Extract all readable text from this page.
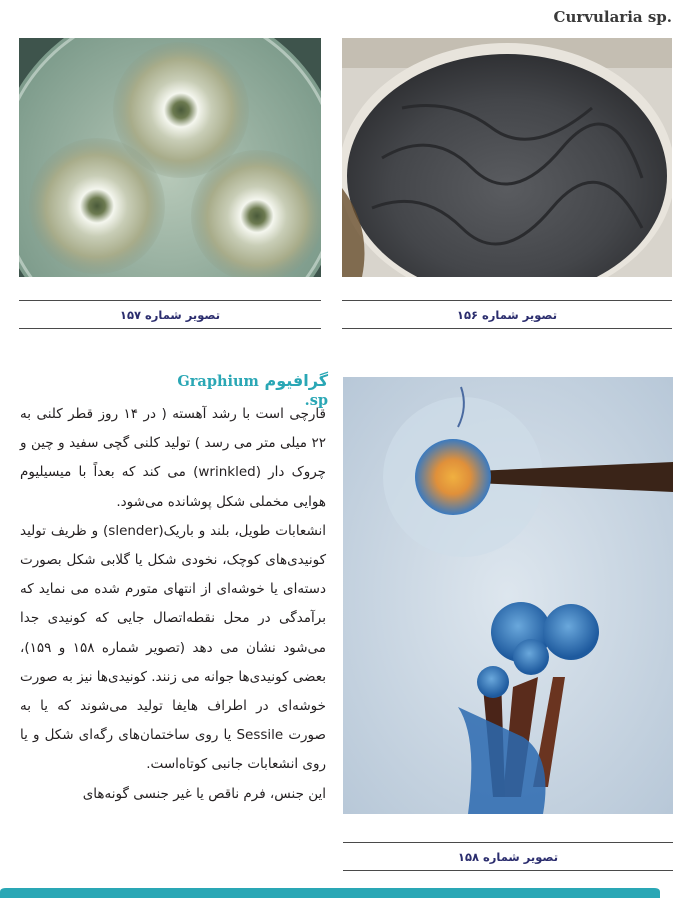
Curvularia sp.
تصویر شماره ۱۵۷	تصویر شماره ۱۵۶
گرافیوم Graphium sp.

قارچی است با رشد آهسته ( در ۱۴ روز قطر کلنی به ۲۲ میلی متر می رسد ) تولید کلنی گچی سفید و چین و چروک دار (wrinkled) می کند که بعداً با میسیلیوم هوایی مخملی شکل پوشانده می‌شود.

انشعابات طویل، بلند و باریک(slender) و ظریف تولید کونیدی‌های کوچک، نخودی شکل یا گلابی شکل بصورت دسته‌ای یا خوشه‌ای از انتهای متورم شده می نماید که برآمدگی در محل نقطه‌اتصال جایی که کونیدی جدا می‌شود نشان می دهد (تصویر شماره ۱۵۸ و ۱۵۹)، بعضی کونیدی‌ها جوانه می زنند. کونیدی‌ها نیز به صورت خوشه‌ای در اطراف هایفا تولید می‌شوند که یا به صورت Sessile یا روی ساختمان‌های رگه‌ای شکل و یا روی انشعابات جانبی کوتاه‌است.

این جنس، فرم ناقص یا غیر جنسی گونه‌های

تصویر شماره ۱۵۸
